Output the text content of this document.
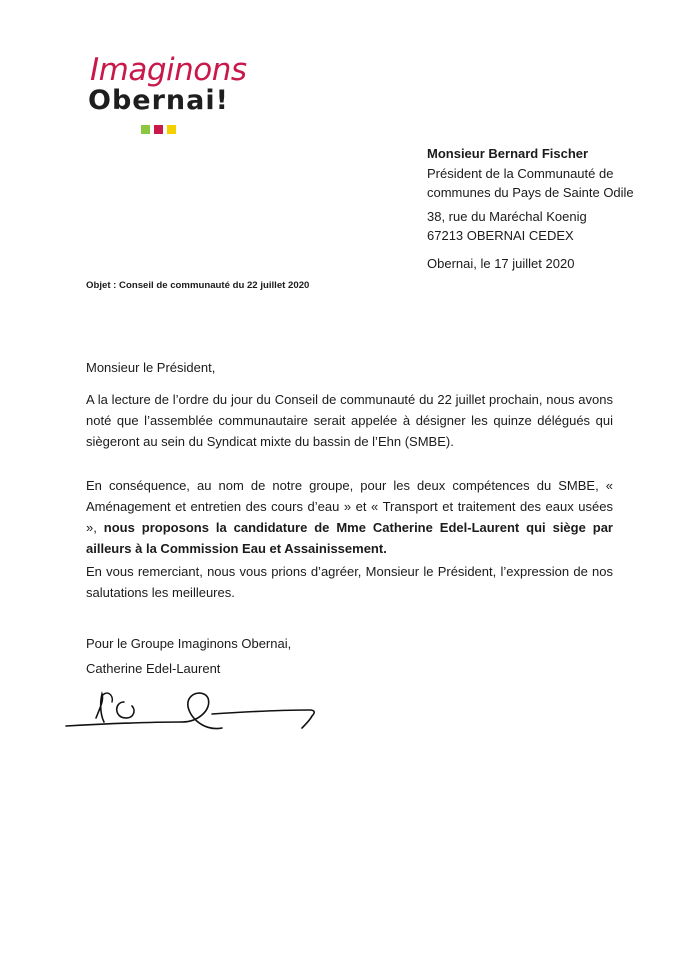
Imaginons
Obernai!
Monsieur Bernard Fischer
Président de la Communauté de
communes du Pays de Sainte Odile
38, rue du Maréchal Koenig
67213 OBERNAI CEDEX
Obernai, le 17 juillet 2020
Objet : Conseil de communauté du 22 juillet 2020
Monsieur le Président,
A la lecture de l’ordre du jour du Conseil de communauté du 22 juillet prochain, nous avons noté que l’assemblée communautaire serait appelée à désigner les quinze délégués qui siègeront au sein du Syndicat mixte du bassin de l’Ehn (SMBE).
En conséquence, au nom de notre groupe, pour les deux compétences du SMBE, « Aménagement et entretien des cours d’eau » et « Transport et traitement des eaux usées », nous proposons la candidature de Mme Catherine Edel-Laurent qui siège par ailleurs à la Commission Eau et Assainissement.
En vous remerciant, nous vous prions d’agréer, Monsieur le Président, l’expression de nos salutations les meilleures.
Pour le Groupe Imaginons Obernai,
Catherine Edel-Laurent
